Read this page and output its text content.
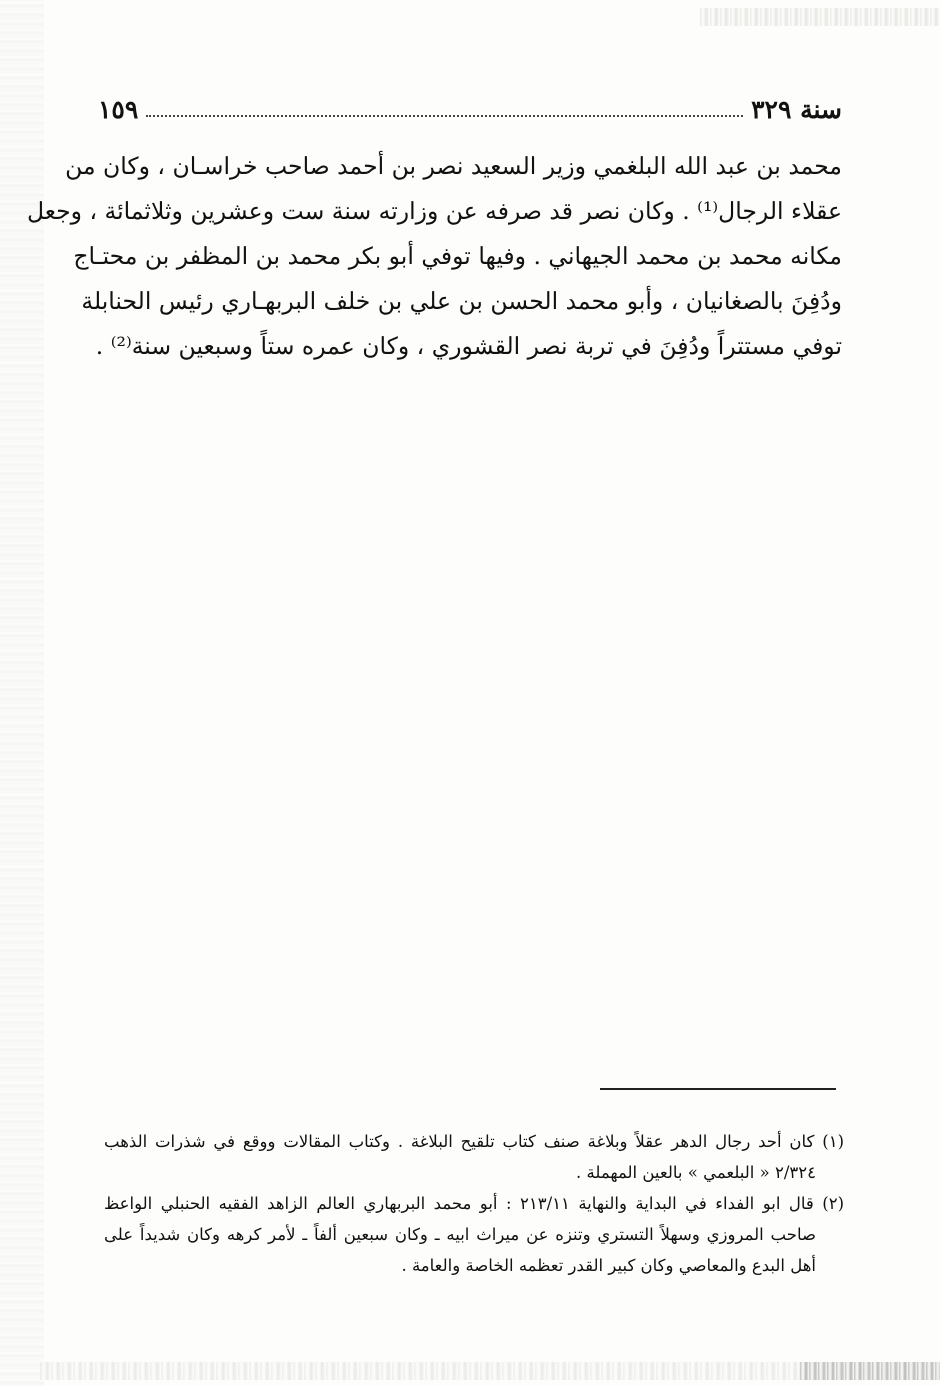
سنة ٣٢٩
١٥٩
محمد بن عبد الله البلغمي وزير السعيد نصر بن أحمد صاحب خراسـان ، وكان من
عقلاء الرجال⁽¹⁾ . وكان نصر قد صرفه عن وزارته سنة ست وعشرين وثلاثمائة ، وجعل
مكانه محمد بن محمد الجيهاني . وفيها توفي أبو بكر محمد بن المظفر بن محتـاج
ودُفِنَ بالصغانيان ، وأبو محمد الحسن بن علي بن خلف البربهـاري رئيس الحنابلة
توفي مستتراً ودُفِنَ في تربة نصر القشوري ، وكان عمره ستاً وسبعين سنة⁽²⁾ .
(١) كان أحد رجال الدهر عقلاً وبلاغة صنف كتاب تلقيح البلاغة . وكتاب المقالات ووقع في شذرات الذهب
٢/٣٢٤ « البلعمي » بالعين المهملة .
(٢) قال ابو الفداء في البداية والنهاية ٢١٣/١١ : أبو محمد البربهاري العالم الزاهد الفقيه الحنبلي الواعظ
صاحب المروزي وسهلاً التستري وتنزه عن ميراث ابيه ـ وكان سبعين ألفاً ـ لأمر كرهه وكان شديداً على
أهل البدع والمعاصي وكان كبير القدر تعظمه الخاصة والعامة .
